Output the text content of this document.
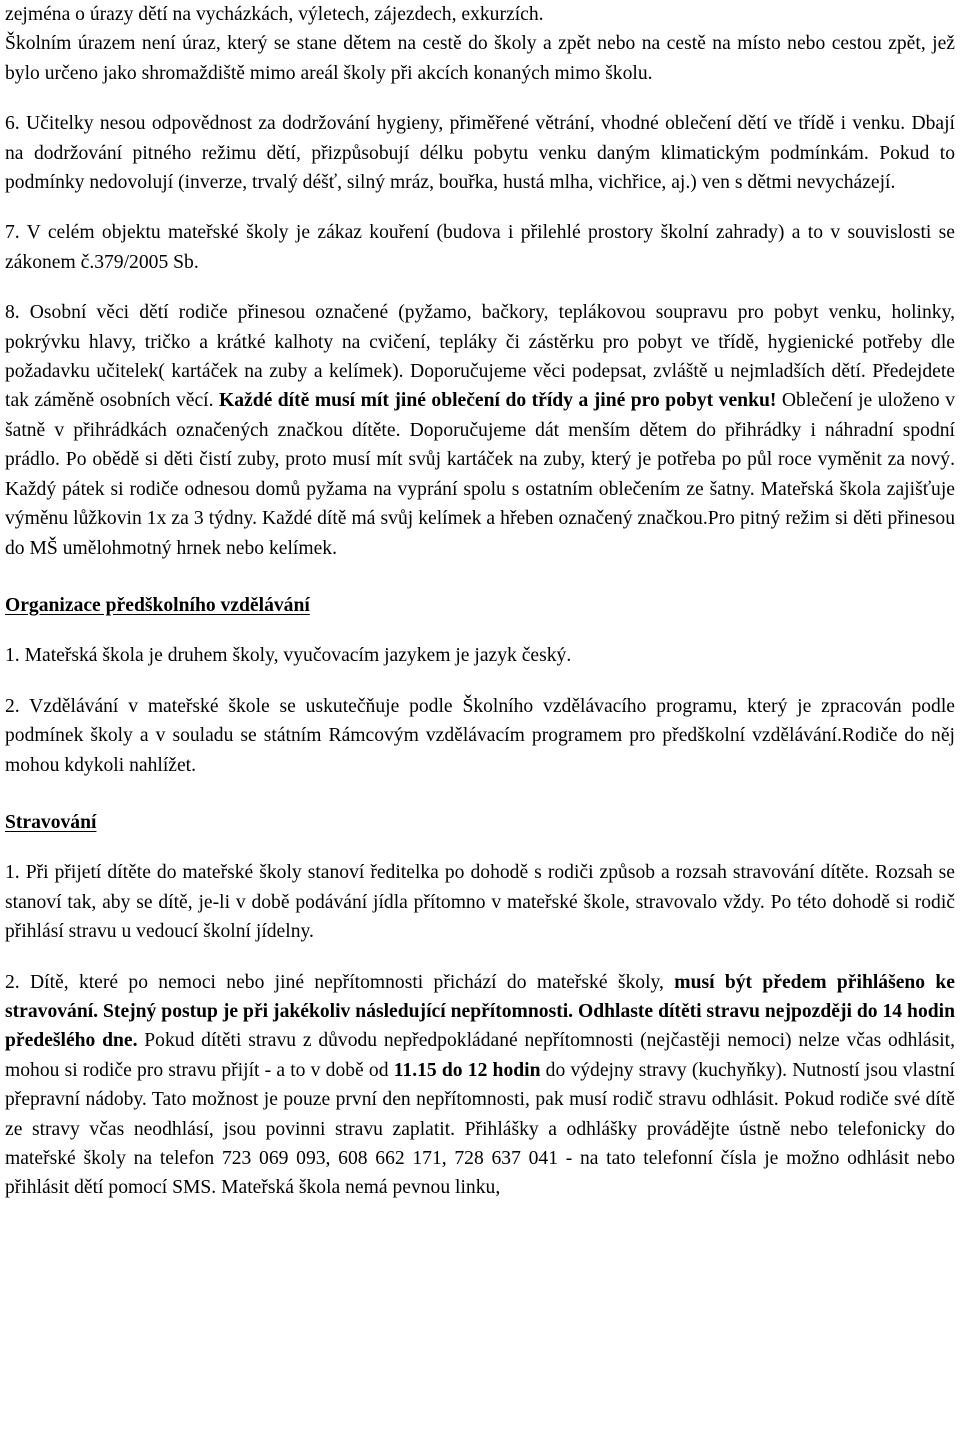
zejména o úrazy dětí na vycházkách, výletech, zájezdech, exkurzích.

Školním úrazem není úraz, který se stane dětem na cestě do školy a zpět nebo na cestě na místo nebo cestou zpět, jež bylo určeno jako shromaždiště mimo areál školy při akcích konaných mimo školu.

6. Učitelky nesou odpovědnost za dodržování hygieny, přiměřené větrání, vhodné oblečení dětí ve třídě i venku. Dbají na dodržování pitného režimu dětí, přizpůsobují délku pobytu venku daným klimatickým podmínkám. Pokud to podmínky nedovolují (inverze, trvalý déšť, silný mráz, bouřka, hustá mlha, vichřice, aj.) ven s dětmi nevycházejí.

7. V celém objektu mateřské školy je zákaz kouření (budova i přilehlé prostory školní zahrady) a to v souvislosti se zákonem č.379/2005 Sb.

8. Osobní věci dětí rodiče přinesou označené (pyžamo, bačkory, teplákovou soupravu pro pobyt venku, holinky, pokrývku hlavy, tričko a krátké kalhoty na cvičení, tepláky či zástěrku pro pobyt ve třídě, hygienické potřeby dle požadavku učitelek( kartáček na zuby a kelímek). Doporučujeme věci podepsat, zvláště u nejmladších dětí. Předejdete tak záměně osobních věcí. Každé dítě musí mít jiné oblečení do třídy a jiné pro pobyt venku! Oblečení je uloženo v šatně v přihrádkách označených značkou dítěte. Doporučujeme dát menším dětem do přihrádky i náhradní spodní prádlo. Po obědě si děti čistí zuby, proto musí mít svůj kartáček na zuby, který je potřeba po půl roce vyměnit za nový. Každý pátek si rodiče odnesou domů pyžama na vyprání spolu s ostatním oblečením ze šatny. Mateřská škola zajišťuje výměnu lůžkovin 1x za 3 týdny. Každé dítě má svůj kelímek a hřeben označený značkou.Pro pitný režim si děti přinesou do MŠ umělohmotný hrnek nebo kelímek.

Organizace předškolního vzdělávání

1. Mateřská škola je druhem školy, vyučovacím jazykem je jazyk český.

2. Vzdělávání v mateřské škole se uskutečňuje podle Školního vzdělávacího programu, který je zpracován podle podmínek školy a v souladu se státním Rámcovým vzdělávacím programem pro předškolní vzdělávání.Rodiče do něj mohou kdykoli nahlížet.

Stravování

1. Při přijetí dítěte do mateřské školy stanoví ředitelka po dohodě s rodiči způsob a rozsah stravování dítěte. Rozsah se stanoví tak, aby se dítě, je-li v době podávání jídla přítomno v mateřské škole, stravovalo vždy. Po této dohodě si rodič přihlásí stravu u vedoucí školní jídelny.

2. Dítě, které po nemoci nebo jiné nepřítomnosti přichází do mateřské školy, musí být předem přihlášeno ke stravování. Stejný postup je při jakékoliv následující nepřítomnosti. Odhlaste dítěti stravu nejpozději do 14 hodin předešlého dne. Pokud dítěti stravu z důvodu nepředpokládané nepřítomnosti (nejčastěji nemoci) nelze včas odhlásit, mohou si rodiče pro stravu přijít - a to v době od 11.15 do 12 hodin do výdejny stravy (kuchyňky). Nutností jsou vlastní přepravní nádoby. Tato možnost je pouze první den nepřítomnosti, pak musí rodič stravu odhlásit. Pokud rodiče své dítě ze stravy včas neodhlásí, jsou povinni stravu zaplatit. Přihlášky a odhlášky provádějte ústně nebo telefonicky do mateřské školy na telefon 723 069 093, 608 662 171, 728 637 041 - na tato telefonní čísla je možno odhlásit nebo přihlásit dětí pomocí SMS. Mateřská škola nemá pevnou linku,
